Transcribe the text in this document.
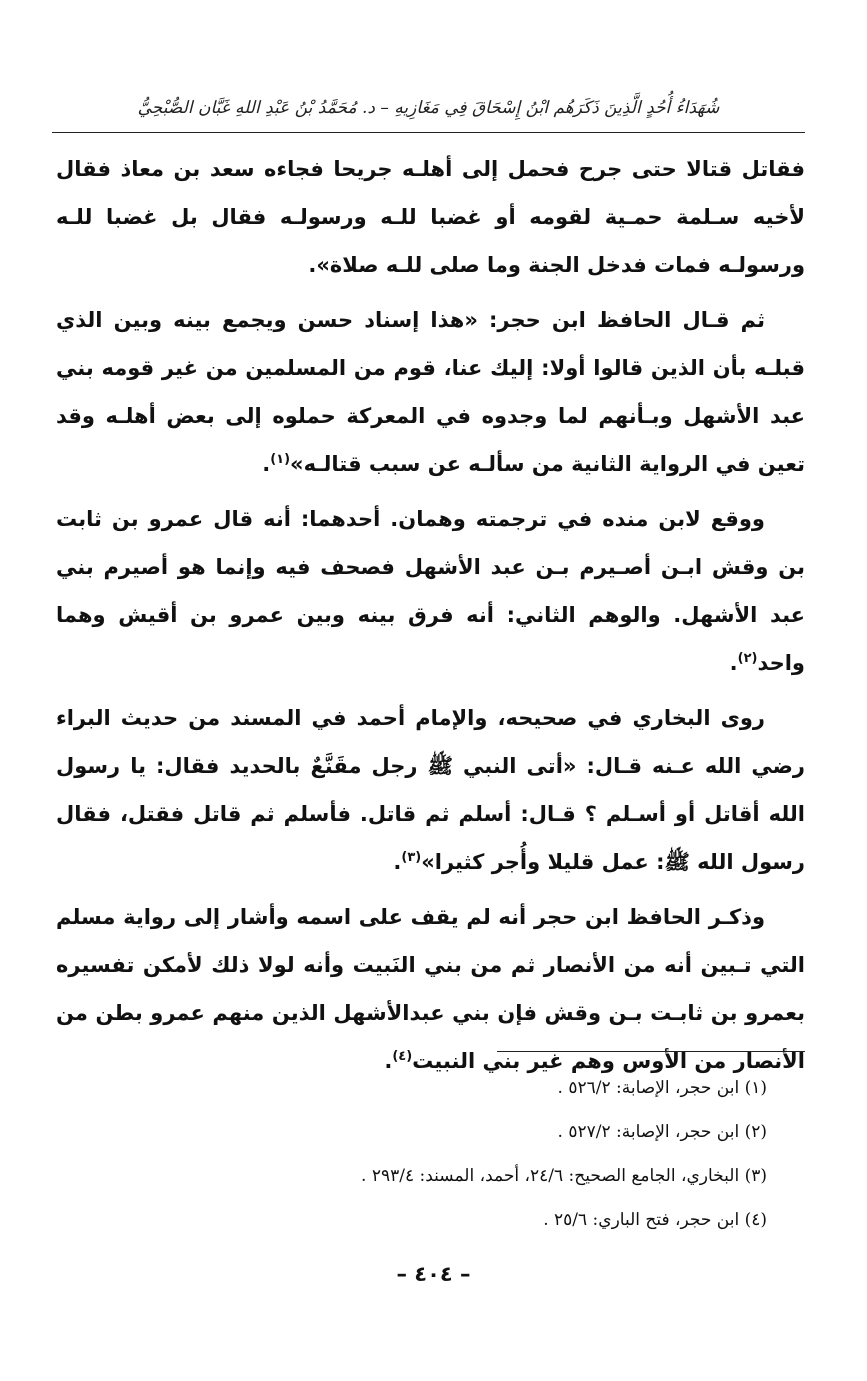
شُهَدَاءُ أُحُدٍ الَّذِينَ ذَكَرَهُم ابْنُ إِسْحَاقَ فِي مَغَازِيهِ – د. مُحَمَّدُ بْنُ عَبْدِ اللهِ غَبَّان الصُّبْحِيُّ

فقاتل قتالا حتى جرح فحمل إلى أهلـه جريحا فجاءه سعد بن معاذ فقال لأخيه سـلمة حمـية لقومه أو غضبا للـه ورسولـه فقال بل غضبا للـه ورسولـه فمات فدخل الجنة وما صلى للـه صلاة».

ثم قـال الحافظ ابن حجر: «هذا إسناد حسن ويجمع بينه وبين الذي قبلـه بأن الذين قالوا أولا: إليك عنا، قوم من المسلمين من غير قومه بني عبد الأشهل وبـأنهم لما وجدوه في المعركة حملوه إلى بعض أهلـه وقد تعين في الرواية الثانية من سألـه عن سبب قتالـه»$^{(١)}$.

ووقع لابن منده في ترجمته وهمان. أحدهما: أنه قال عمرو بن ثابت بن وقش ابـن أصـيرم بـن عبد الأشهل فصحف فيه وإنما هو أصيرم بني عبد الأشهل. والوهم الثاني: أنه فرق بينه وبين عمرو بن أقيش وهما واحد$^{(٢)}$.

روى البخاري في صحيحه، والإمام أحمد في المسند من حديث البراء رضي الله عـنه قـال: «أتى النبي ﷺ رجل مقَنَّعٌ بالحديد فقال: يا رسول الله أقاتل أو أسـلم ؟ قـال: أسلم ثم قاتل. فأسلم ثم قاتل فقتل، فقال رسول الله ﷺ: عمل قليلا وأُجر كثيرا»$^{(٣)}$.

وذكـر الحافظ ابن حجر أنه لم يقف على اسمه وأشار إلى رواية مسلم التي تـبين أنه من الأنصار ثم من بني النَبيت وأنه لولا ذلك لأمكن تفسيره بعمرو بن ثابـت بـن وقش فإن بني عبدالأشهل الذين منهم عمرو بطن من الأنصار من الأوس وهم غير بني النبيت$^{(٤)}$.

(١) ابن حجر، الإصابة: ٥٢٦/٢ .

(٢) ابن حجر، الإصابة: ٥٢٧/٢ .

(٣) البخاري، الجامع الصحيح: ٢٤/٦، أحمد، المسند: ٢٩٣/٤ .

(٤) ابن حجر، فتح الباري: ٢٥/٦ .

– ٤٠٤ –
